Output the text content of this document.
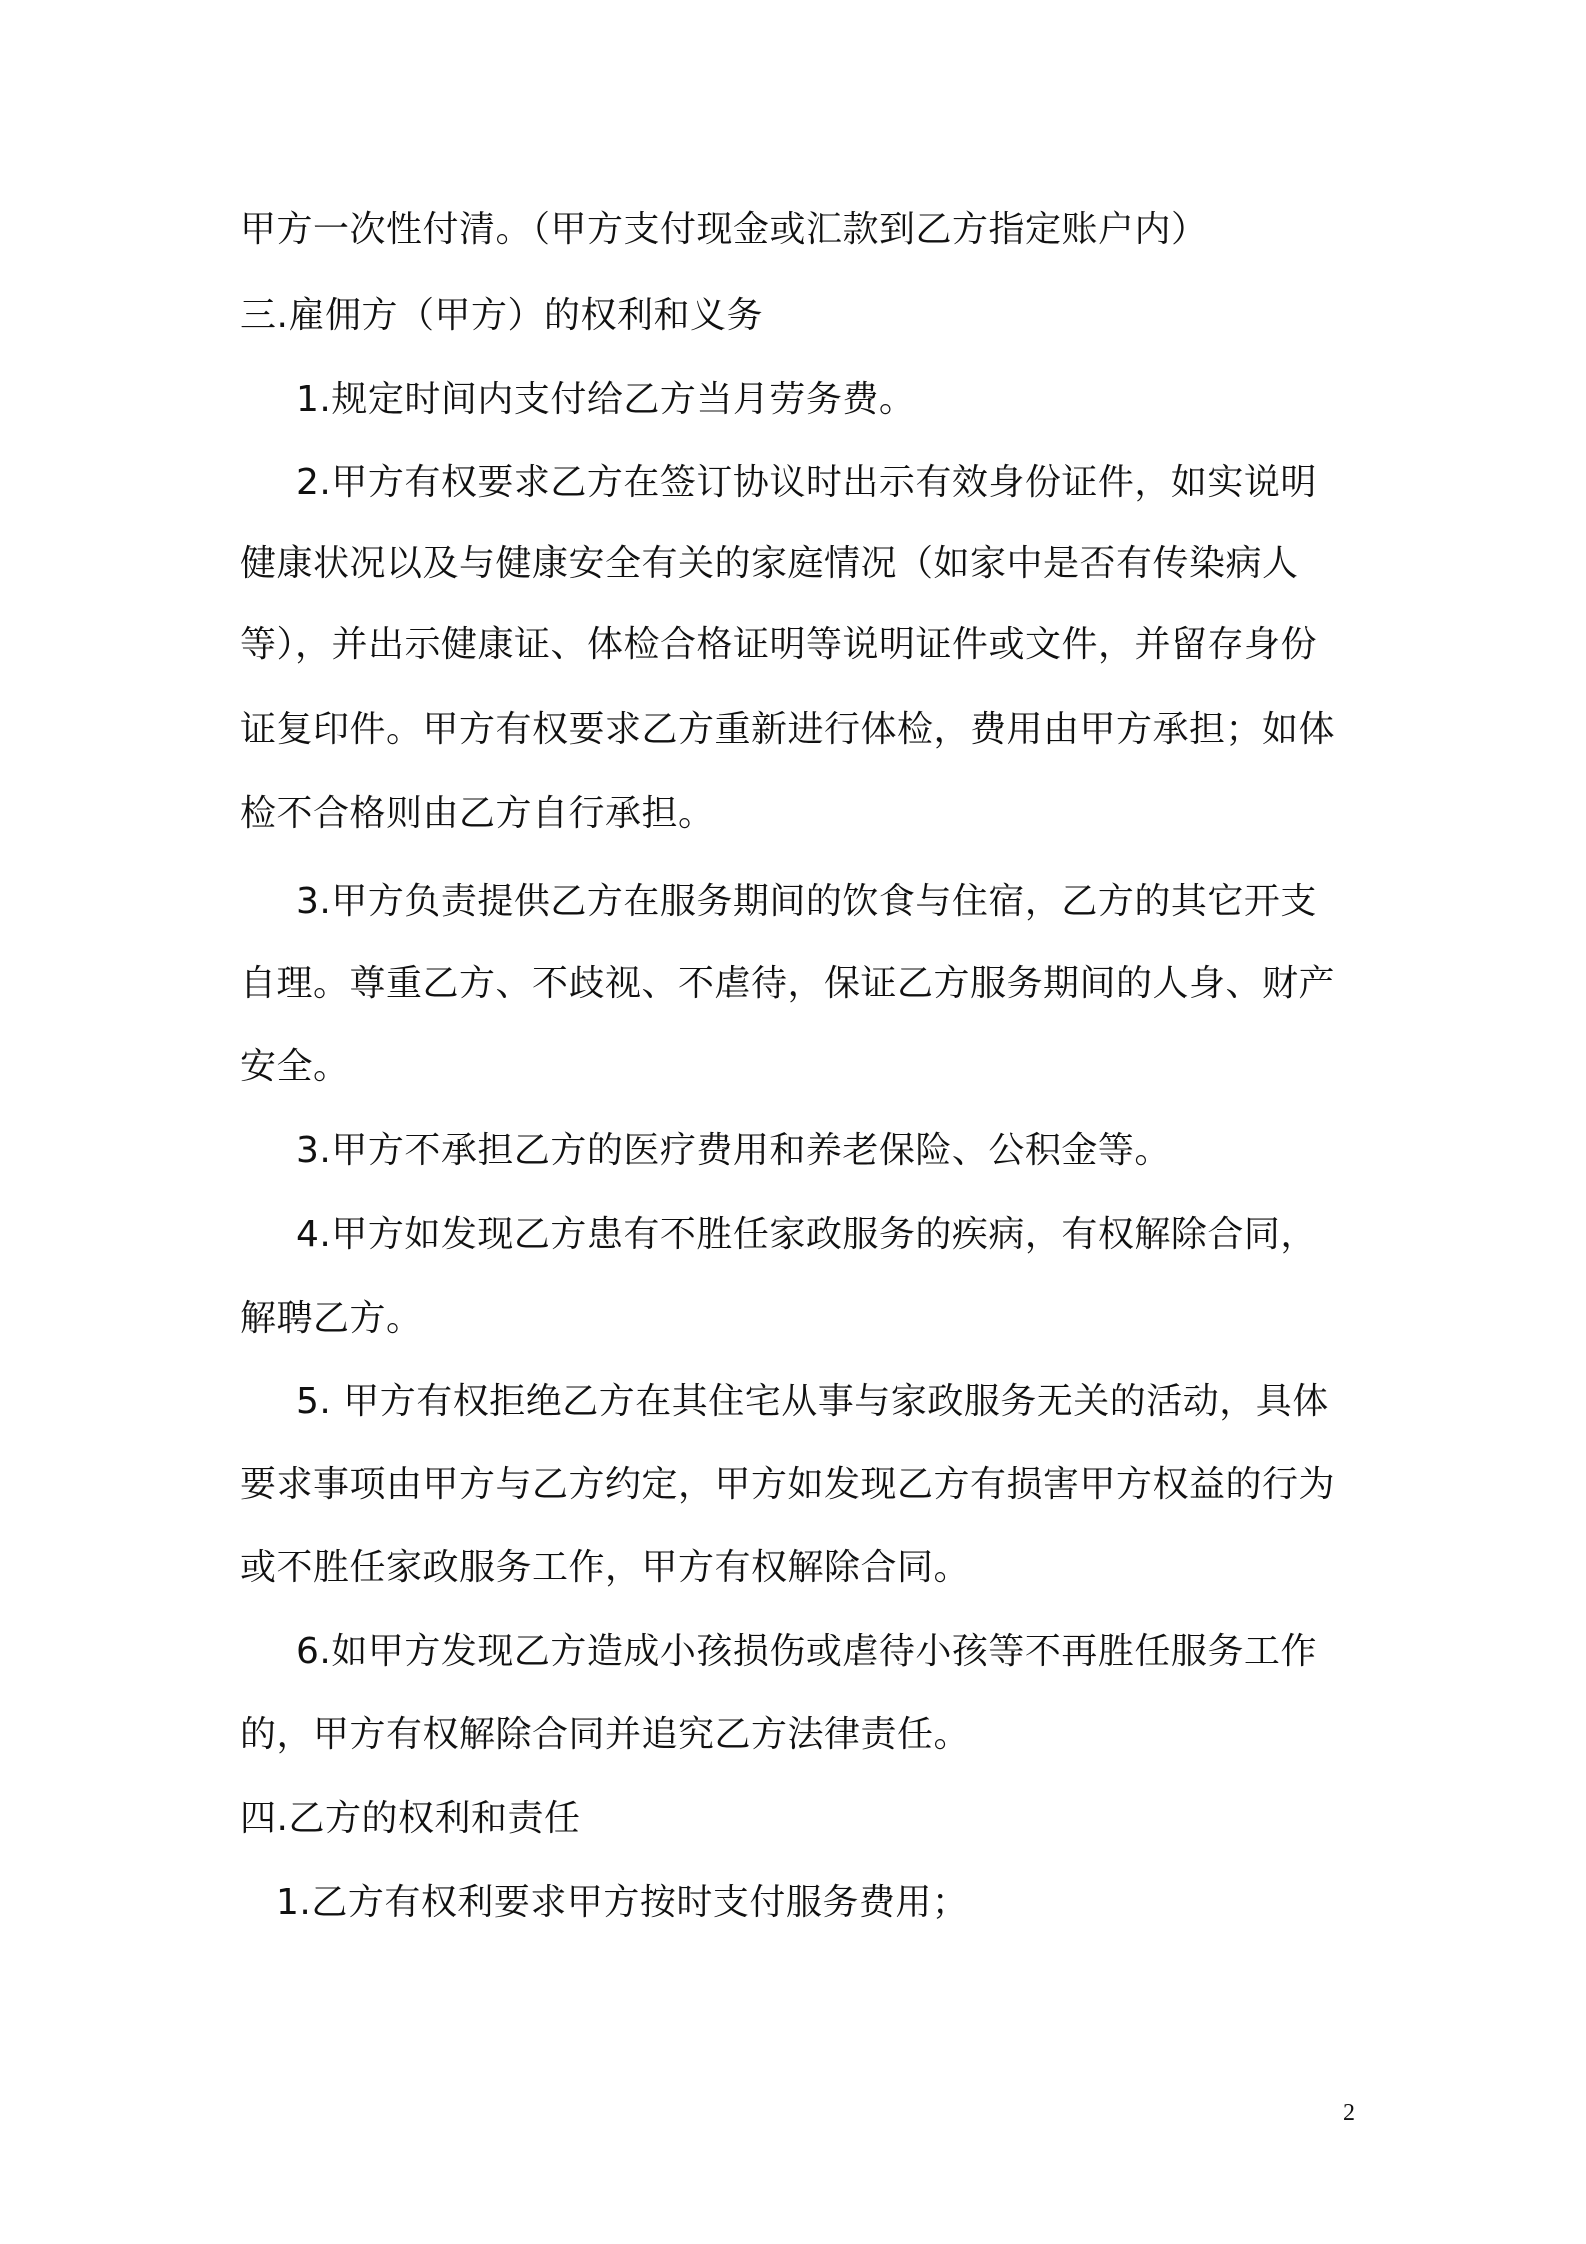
甲方一次性付清。（甲方支付现金或汇款到乙方指定账户内）
三.雇佣方（甲方）的权利和义务
1.规定时间内支付给乙方当月劳务费。
2.甲方有权要求乙方在签订协议时出示有效身份证件，如实说明
健康状况以及与健康安全有关的家庭情况（如家中是否有传染病人
等），并出示健康证、体检合格证明等说明证件或文件，并留存身份
证复印件。甲方有权要求乙方重新进行体检，费用由甲方承担；如体
检不合格则由乙方自行承担。
3.甲方负责提供乙方在服务期间的饮食与住宿，乙方的其它开支
自理。尊重乙方、不歧视、不虐待，保证乙方服务期间的人身、财产
安全。
3.甲方不承担乙方的医疗费用和养老保险、公积金等。
4.甲方如发现乙方患有不胜任家政服务的疾病，有权解除合同，
解聘乙方。
5. 甲方有权拒绝乙方在其住宅从事与家政服务无关的活动，具体
要求事项由甲方与乙方约定，甲方如发现乙方有损害甲方权益的行为
或不胜任家政服务工作，甲方有权解除合同。
6.如甲方发现乙方造成小孩损伤或虐待小孩等不再胜任服务工作
的，甲方有权解除合同并追究乙方法律责任。
四.乙方的权利和责任
1.乙方有权利要求甲方按时支付服务费用；
2
